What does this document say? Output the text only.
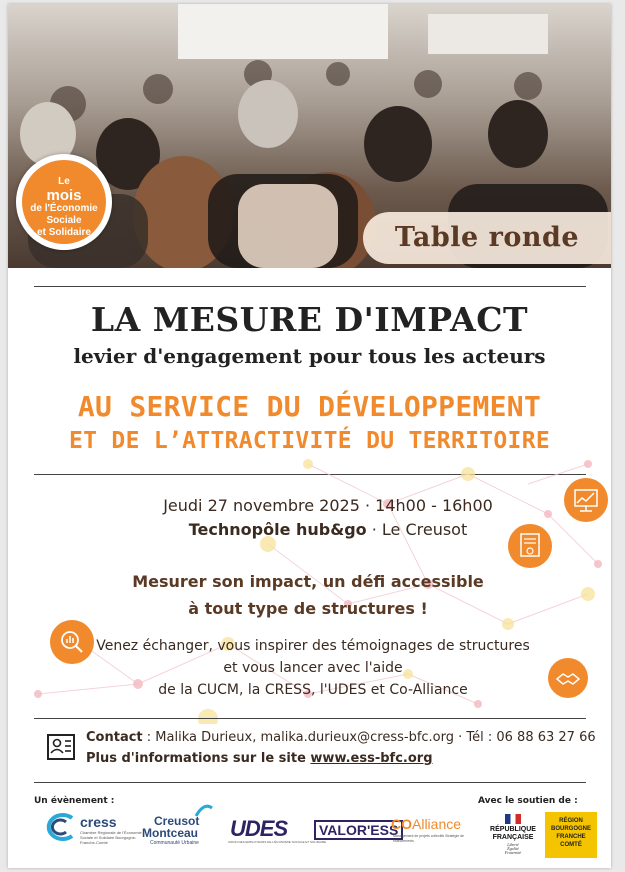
Le
mois
de l'Économie
Sociale
et Solidaire	Table ronde
LA MESURE D'IMPACT
levier d'engagement pour tous les acteurs
AU SERVICE DU DÉVELOPPEMENT
ET DE L’ATTRACTIVITÉ DU TERRITOIRE
Jeudi 27 novembre 2025 · 14h00 - 16h00
Technopôle hub&go · Le Creusot
Mesurer son impact, un défi accessible
à tout type de structures !
Venez échanger, vous inspirer des témoignages de structures
et vous lancer avec l'aide
de la CUCM, la CRESS, l'UDES et Co-Alliance
Contact : Malika Durieux, malika.durieux@cress-bfc.org · Tél : 06 88 63 27 66
Plus d'informations sur le site www.ess-bfc.org
Un évènement :	Avec le soutien de :
cress
Chambre Régionale de l'Économie Sociale et Solidaire Bourgogne-Franche-Comté
Creusot
Montceau
Communauté Urbaine
UDES
UNION DES EMPLOYEURS DE L'ÉCONOMIE SOCIALE ET SOLIDAIRE
VALOR'ESS
COAlliance
Management de projets collectifs Stratégie de financements
RÉPUBLIQUE
FRANÇAISE
Liberté
Égalité
Fraternité
RÉGION
BOURGOGNE
FRANCHE
COMTÉ
